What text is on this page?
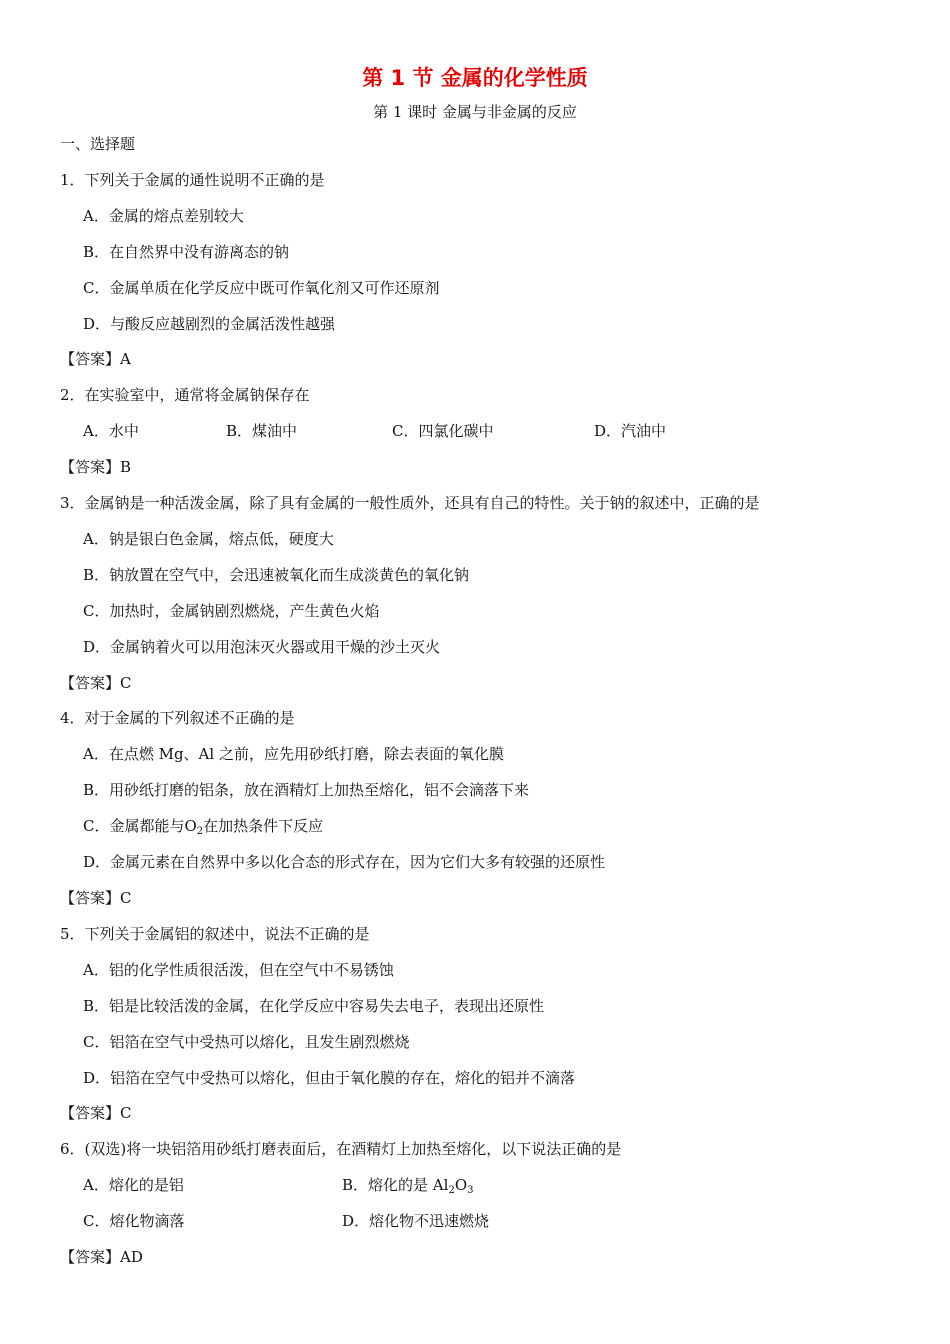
第 1 节 金属的化学性质
第 1 课时 金属与非金属的反应
一、选择题
1．下列关于金属的通性说明不正确的是
A．金属的熔点差别较大
B．在自然界中没有游离态的钠
C．金属单质在化学反应中既可作氧化剂又可作还原剂
D．与酸反应越剧烈的金属活泼性越强
【答案】A
2．在实验室中，通常将金属钠保存在
A．水中	B．煤油中	C．四氯化碳中	D．汽油中
【答案】B
3．金属钠是一种活泼金属，除了具有金属的一般性质外，还具有自己的特性。关于钠的叙述中，正确的是
A．钠是银白色金属，熔点低，硬度大
B．钠放置在空气中，会迅速被氧化而生成淡黄色的氧化钠
C．加热时，金属钠剧烈燃烧，产生黄色火焰
D．金属钠着火可以用泡沫灭火器或用干燥的沙土灭火
【答案】C
4．对于金属的下列叙述不正确的是
A．在点燃 Mg、Al 之前，应先用砂纸打磨，除去表面的氧化膜
B．用砂纸打磨的铝条，放在酒精灯上加热至熔化，铝不会滴落下来
C．金属都能与$O_2$在加热条件下反应
D．金属元素在自然界中多以化合态的形式存在，因为它们大多有较强的还原性
【答案】C
5．下列关于金属铝的叙述中，说法不正确的是
A．铝的化学性质很活泼，但在空气中不易锈蚀
B．铝是比较活泼的金属，在化学反应中容易失去电子，表现出还原性
C．铝箔在空气中受热可以熔化，且发生剧烈燃烧
D．铝箔在空气中受热可以熔化，但由于氧化膜的存在，熔化的铝并不滴落
【答案】C
6．(双选)将一块铝箔用砂纸打磨表面后，在酒精灯上加热至熔化，以下说法正确的是
A．熔化的是铝	B．熔化的是 $Al_2O_3$
C．熔化物滴落	D．熔化物不迅速燃烧
【答案】AD
